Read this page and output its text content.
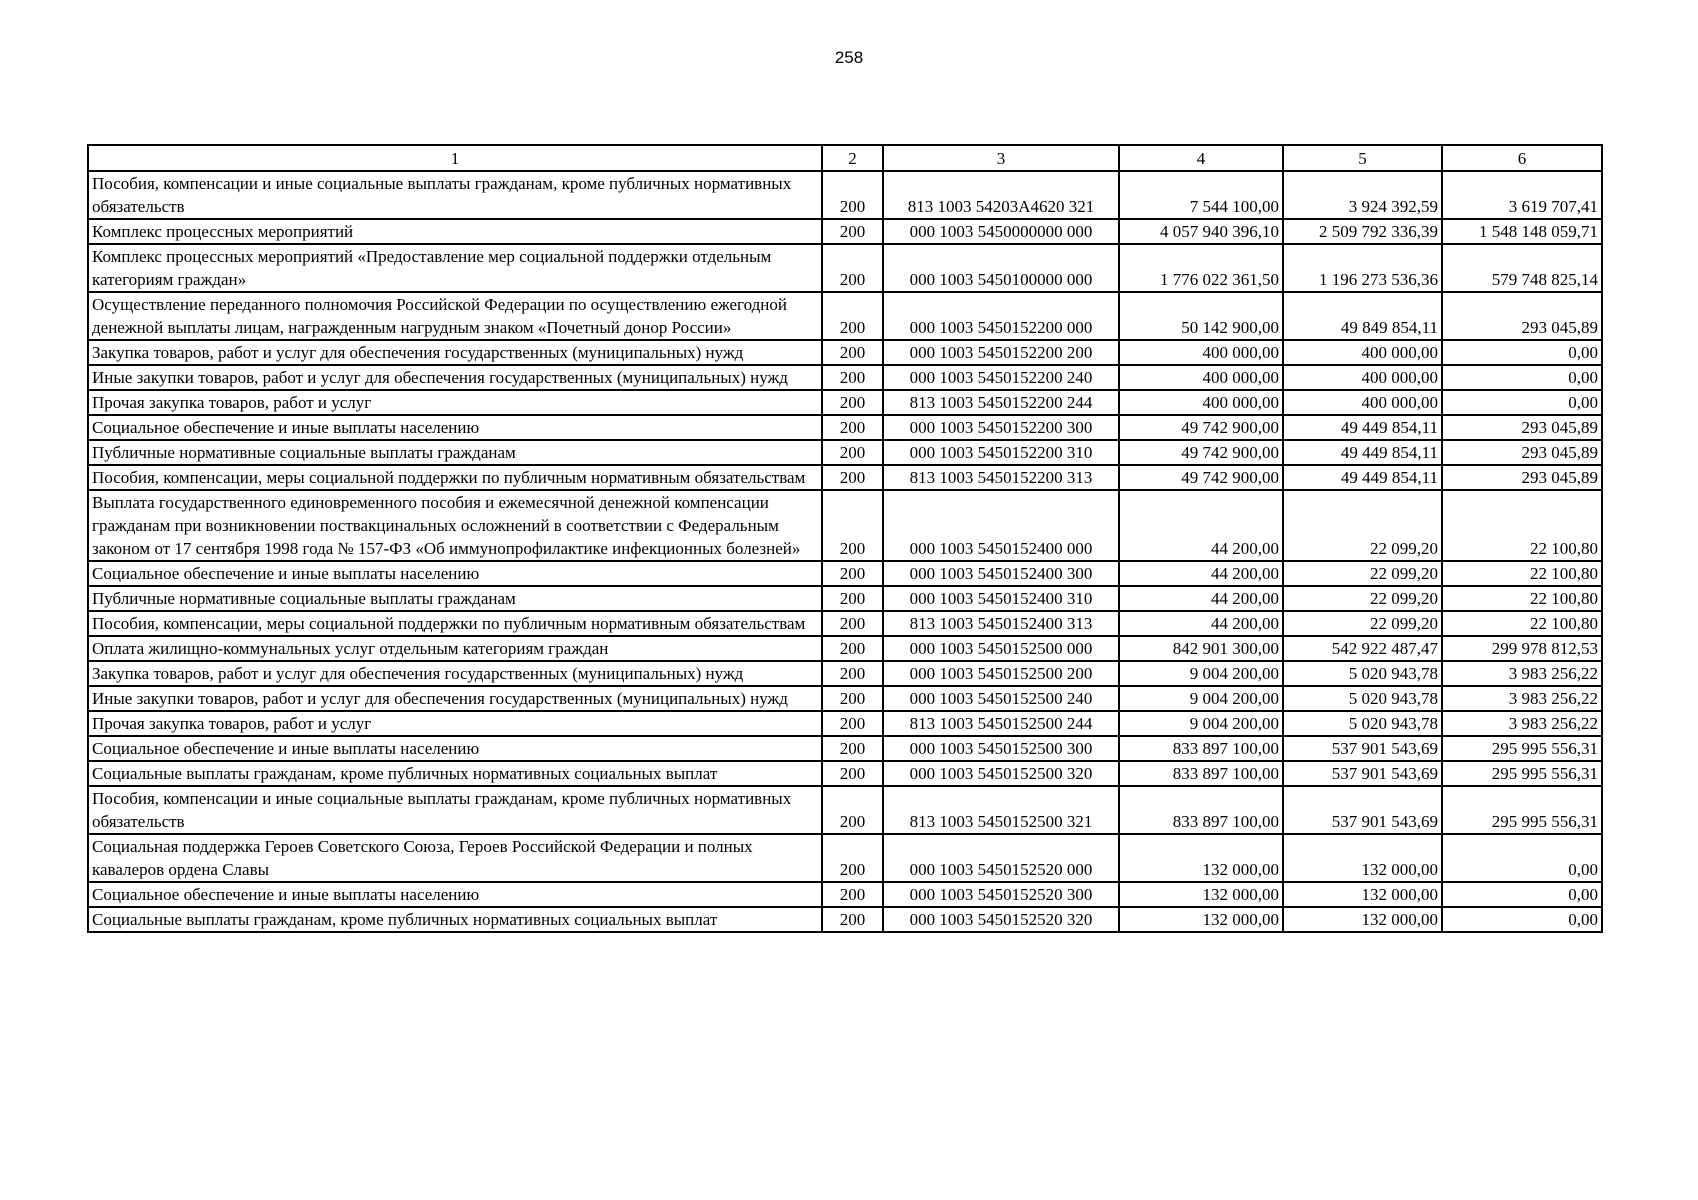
258
1	2	3	4	5	6
Пособия, компенсации и иные социальные выплаты гражданам, кроме публичных нормативных обязательств	200	813 1003 54203А4620 321	7 544 100,00	3 924 392,59	3 619 707,41
Комплекс процессных мероприятий	200	000 1003 5450000000 000	4 057 940 396,10	2 509 792 336,39	1 548 148 059,71
Комплекс процессных мероприятий «Предоставление мер социальной поддержки отдельным категориям граждан»	200	000 1003 5450100000 000	1 776 022 361,50	1 196 273 536,36	579 748 825,14
Осуществление переданного полномочия Российской Федерации по осуществлению ежегодной денежной выплаты лицам, награжденным нагрудным знаком «Почетный донор России»	200	000 1003 5450152200 000	50 142 900,00	49 849 854,11	293 045,89
Закупка товаров, работ и услуг для обеспечения государственных (муниципальных) нужд	200	000 1003 5450152200 200	400 000,00	400 000,00	0,00
Иные закупки товаров, работ и услуг для обеспечения государственных (муниципальных) нужд	200	000 1003 5450152200 240	400 000,00	400 000,00	0,00
Прочая закупка товаров, работ и услуг	200	813 1003 5450152200 244	400 000,00	400 000,00	0,00
Социальное обеспечение и иные выплаты населению	200	000 1003 5450152200 300	49 742 900,00	49 449 854,11	293 045,89
Публичные нормативные социальные выплаты гражданам	200	000 1003 5450152200 310	49 742 900,00	49 449 854,11	293 045,89
Пособия, компенсации, меры социальной поддержки по публичным нормативным обязательствам	200	813 1003 5450152200 313	49 742 900,00	49 449 854,11	293 045,89
Выплата государственного единовременного пособия и ежемесячной денежной компенсации гражданам при возникновении поствакцинальных осложнений в соответствии с Федеральным законом от 17 сентября 1998 года № 157-ФЗ «Об иммунопрофилактике инфекционных болезней»	200	000 1003 5450152400 000	44 200,00	22 099,20	22 100,80
Социальное обеспечение и иные выплаты населению	200	000 1003 5450152400 300	44 200,00	22 099,20	22 100,80
Публичные нормативные социальные выплаты гражданам	200	000 1003 5450152400 310	44 200,00	22 099,20	22 100,80
Пособия, компенсации, меры социальной поддержки по публичным нормативным обязательствам	200	813 1003 5450152400 313	44 200,00	22 099,20	22 100,80
Оплата жилищно-коммунальных услуг отдельным категориям граждан	200	000 1003 5450152500 000	842 901 300,00	542 922 487,47	299 978 812,53
Закупка товаров, работ и услуг для обеспечения государственных (муниципальных) нужд	200	000 1003 5450152500 200	9 004 200,00	5 020 943,78	3 983 256,22
Иные закупки товаров, работ и услуг для обеспечения государственных (муниципальных) нужд	200	000 1003 5450152500 240	9 004 200,00	5 020 943,78	3 983 256,22
Прочая закупка товаров, работ и услуг	200	813 1003 5450152500 244	9 004 200,00	5 020 943,78	3 983 256,22
Социальное обеспечение и иные выплаты населению	200	000 1003 5450152500 300	833 897 100,00	537 901 543,69	295 995 556,31
Социальные выплаты гражданам, кроме публичных нормативных социальных выплат	200	000 1003 5450152500 320	833 897 100,00	537 901 543,69	295 995 556,31
Пособия, компенсации и иные социальные выплаты гражданам, кроме публичных нормативных обязательств	200	813 1003 5450152500 321	833 897 100,00	537 901 543,69	295 995 556,31
Социальная поддержка Героев Советского Союза, Героев Российской Федерации и полных кавалеров ордена Славы	200	000 1003 5450152520 000	132 000,00	132 000,00	0,00
Социальное обеспечение и иные выплаты населению	200	000 1003 5450152520 300	132 000,00	132 000,00	0,00
Социальные выплаты гражданам, кроме публичных нормативных социальных выплат	200	000 1003 5450152520 320	132 000,00	132 000,00	0,00
